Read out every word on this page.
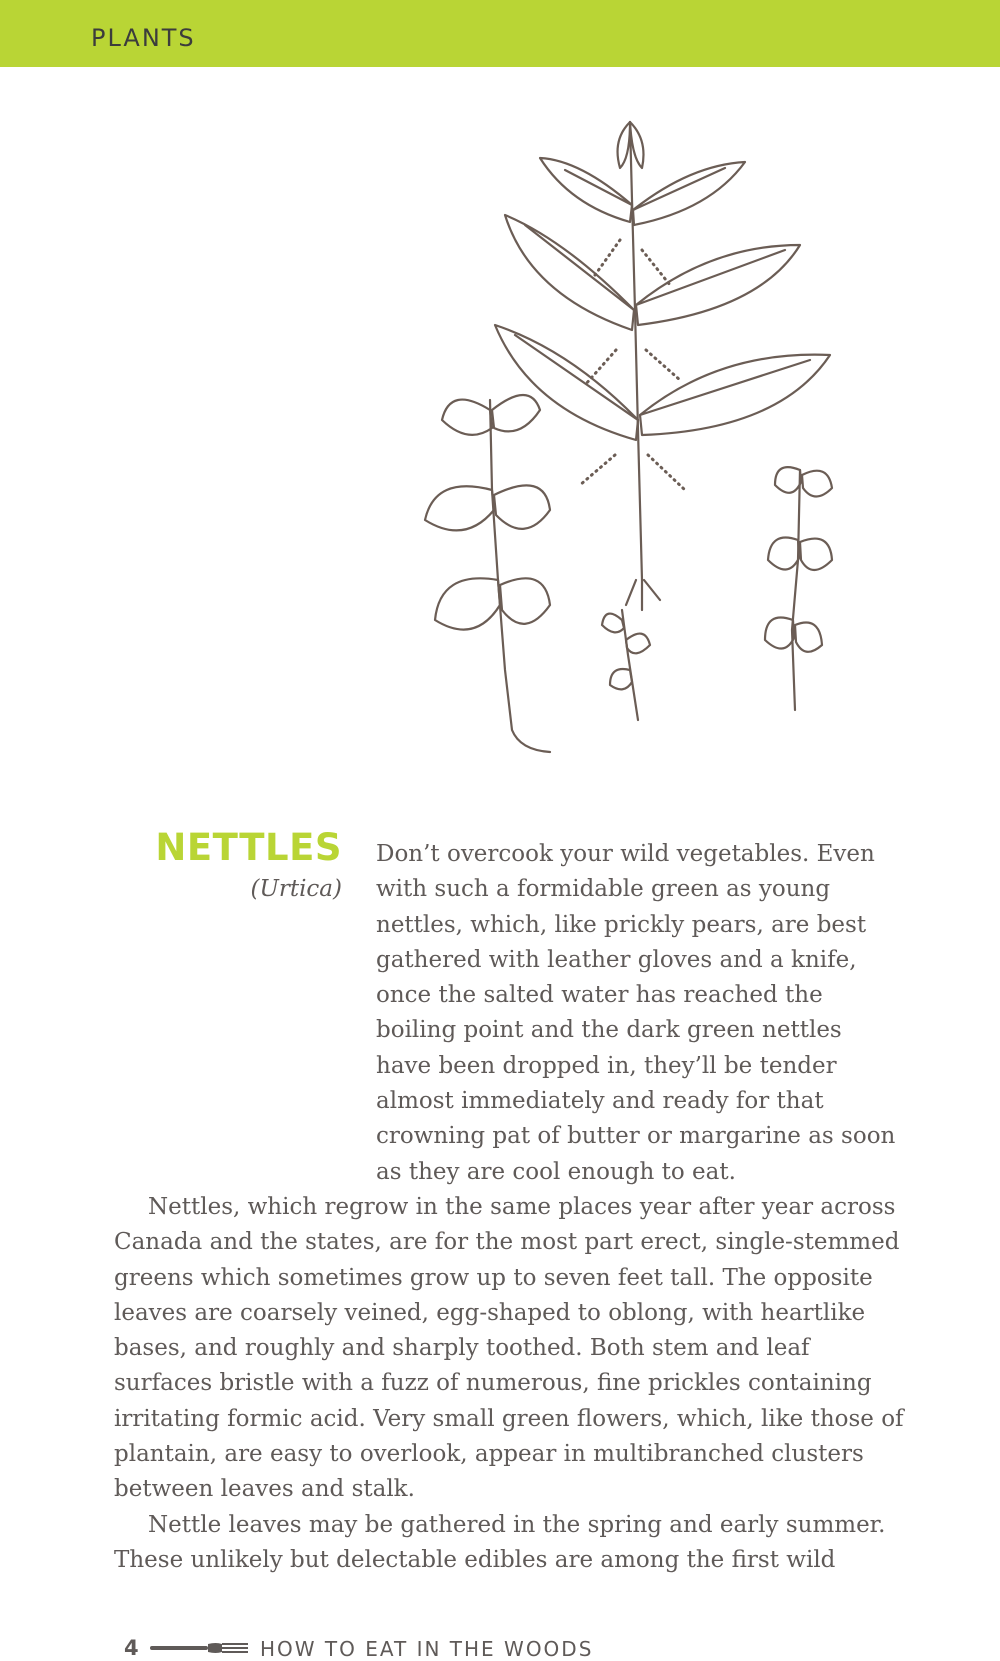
PLANTS
NETTLES
(Urtica)

Don’t overcook your wild vegetables. Even with such a formidable green as young nettles, which, like prickly pears, are best gathered with leather gloves and a knife, once the salted water has reached the boiling point and the dark green nettles have been dropped in, they’ll be tender almost immediately and ready for that crowning pat of butter or margarine as soon as they are cool enough to eat.

Nettles, which regrow in the same places year after year across Canada and the states, are for the most part erect, single-stemmed greens which sometimes grow up to seven feet tall. The opposite leaves are coarsely veined, egg-shaped to oblong, with heartlike bases, and roughly and sharply toothed. Both stem and leaf surfaces bristle with a fuzz of numerous, fine prickles containing irritating formic acid. Very small green flowers, which, like those of plantain, are easy to overlook, appear in multibranched clusters between leaves and stalk.

Nettle leaves may be gathered in the spring and early summer. These unlikely but delectable edibles are among the first wild

4	HOW TO EAT IN THE WOODS
